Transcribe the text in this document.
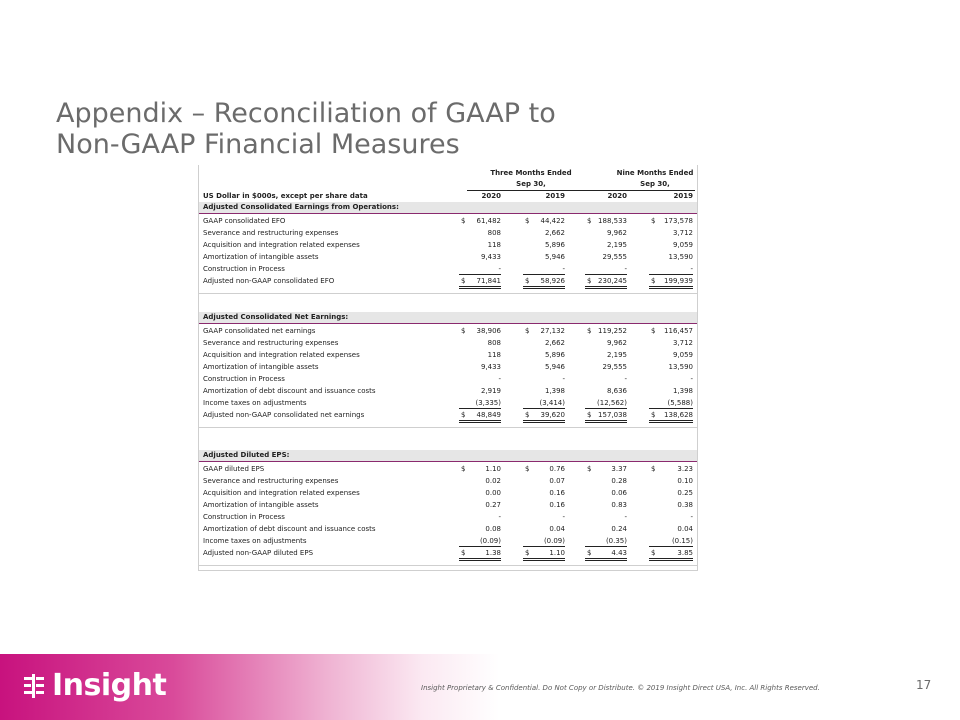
Appendix – Reconciliation of GAAP to
Non-GAAP Financial Measures
Three Months Ended	Nine Months Ended
Sep 30,	Sep 30,
US Dollar in $000s, except per share data	2020	2019	2020	2019
Adjusted Consolidated Earnings from Operations:
GAAP consolidated EFO	$	61,482	$	44,422	$ 188,533	$	173,578
Severance and restructuring expenses	808	2,662	9,962	3,712
Acquisition and integration related expenses	118	5,896	2,195	9,059
Amortization of intangible assets	9,433	5,946	29,555	13,590
Construction in Process	-	-	-	-
Adjusted non-GAAP consolidated EFO	$	71,841	$	58,926	$ 230,245	$	199,939
Adjusted Consolidated Net Earnings:
GAAP consolidated net earnings	$	38,906	$	27,132	$ 119,252	$	116,457
Severance and restructuring expenses	808	2,662	9,962	3,712
Acquisition and integration related expenses	118	5,896	2,195	9,059
Amortization of intangible assets	9,433	5,946	29,555	13,590
Construction in Process	-	-	-	-
Amortization of debt discount and issuance costs	2,919	1,398	8,636	1,398
Income taxes on adjustments	(3,335)	(3,414)	(12,562)	(5,588)
Adjusted non-GAAP consolidated net earnings	$	48,849	$	39,620	$ 157,038	$	138,628
Adjusted Diluted EPS:
GAAP diluted EPS	$	1.10	$	0.76	$	3.37	$	3.23
Severance and restructuring expenses	0.02	0.07	0.28	0.10
Acquisition and integration related expenses	0.00	0.16	0.06	0.25
Amortization of intangible assets	0.27	0.16	0.83	0.38
Construction in Process	-	-	-	-
Amortization of debt discount and issuance costs	0.08	0.04	0.24	0.04
Income taxes on adjustments	(0.09)	(0.09)	(0.35)	(0.15)
Adjusted non-GAAP diluted EPS	$	1.38	$	1.10	$	4.43	$	3.85
Insight	Insight Proprietary & Confidential. Do Not Copy or Distribute. © 2019 Insight Direct USA, Inc. All Rights Reserved.	17
